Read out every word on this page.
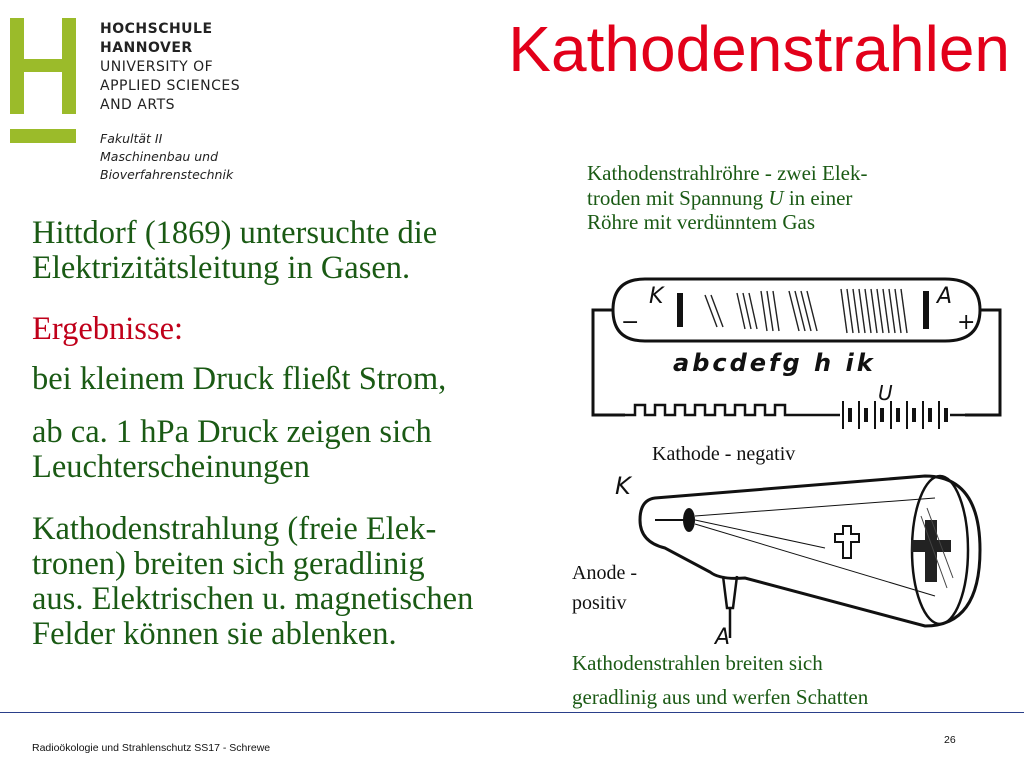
HOCHSCHULE
HANNOVER
UNIVERSITY OF
APPLIED SCIENCES
AND ARTS
Fakultät II
Maschinenbau und
Bioverfahrenstechnik
Kathodenstrahlen

Hittdorf (1869) untersuchte die
Elektrizitätsleitung in Gasen.

Ergebnisse:

bei kleinem Druck fließt Strom,

ab ca. 1 hPa Druck zeigen sich
Leuchterscheinungen

Kathodenstrahlung (freie Elek-
tronen) breiten sich geradlinig
aus. Elektrischen u. magnetischen
Felder können sie ablenken.

Kathodenstrahlröhre - zwei Elek-
troden mit Spannung U in einer
Röhre mit verdünntem Gas

K	A
−	+
abcdefg h ik
U

Kathode - negativ

K
A

Anode -
positiv

Kathodenstrahlen breiten sich
geradlinig aus und werfen Schatten

Radioökologie und Strahlenschutz SS17 - Schrewe
26
